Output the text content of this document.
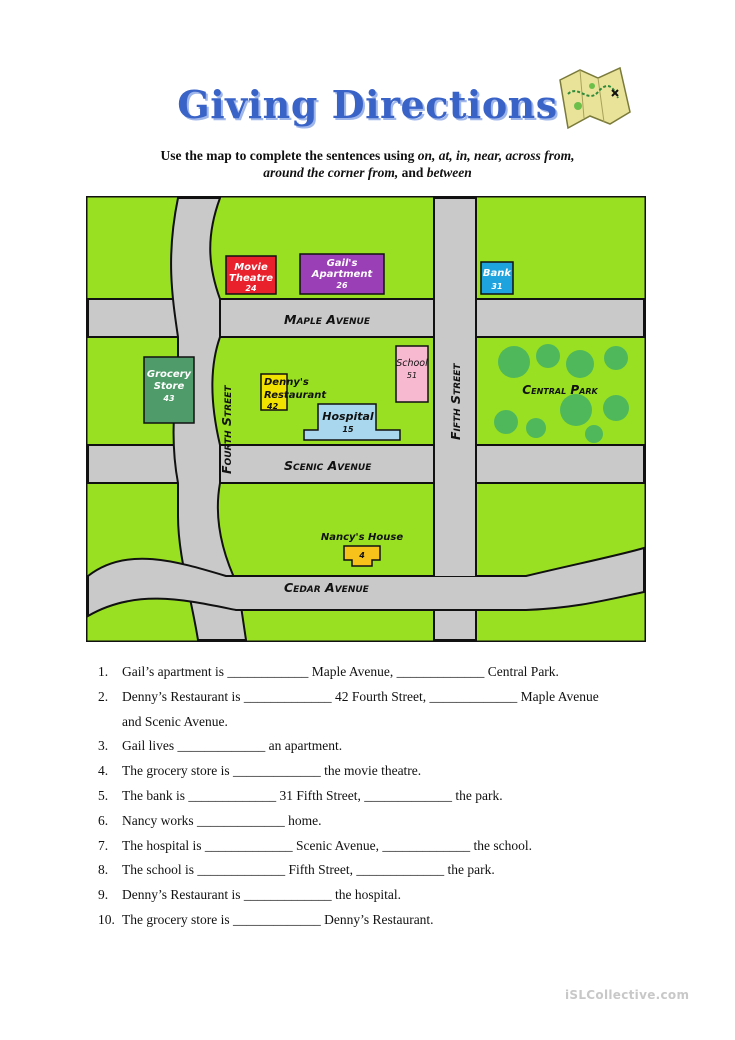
Giving Directions
Use the map to complete the sentences using on, at, in, near, across from,
around the corner from, and between
Maple Avenue
Scenic Avenue
Cedar Avenue
Fourth Street	Fifth Street
Movie
Theatre
24
Gail's
Apartment
26
Bank
31
Grocery
Store
43
Denny's
Restaurant
42
School
51
Hospital
15
Central Park
Nancy's House
4
1. Gail’s apartment is ____________ Maple Avenue, _____________ Central Park.
2. Denny’s Restaurant is _____________ 42 Fourth Street, _____________ Maple Avenue
and Scenic Avenue.
3. Gail lives _____________ an apartment.
4. The grocery store is _____________ the movie theatre.
5. The bank is _____________ 31 Fifth Street, _____________ the park.
6. Nancy works _____________ home.
7. The hospital is _____________ Scenic Avenue, _____________ the school.
8. The school is _____________ Fifth Street, _____________ the park.
9. Denny’s Restaurant is _____________ the hospital.
10. The grocery store is _____________ Denny’s Restaurant.
iSLCollective.com
